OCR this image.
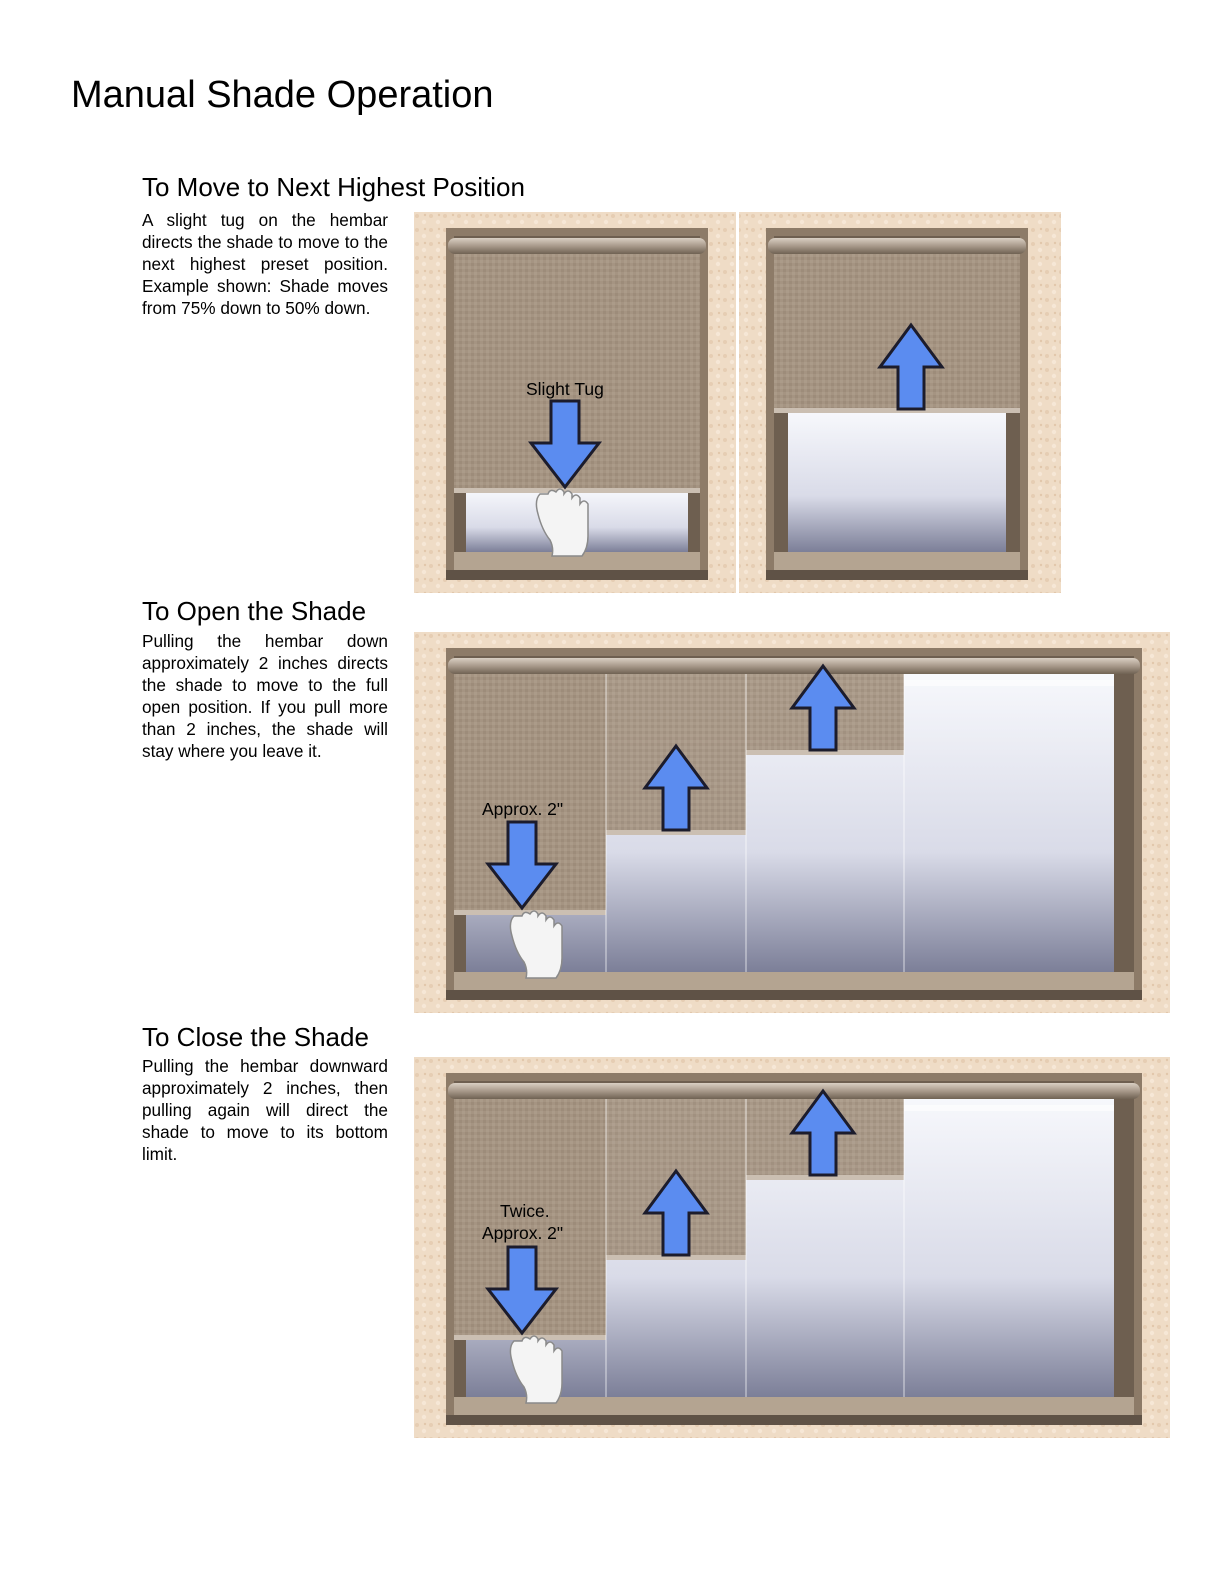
Manual Shade Operation
To Move to Next Highest Position

A slight tug on the hembar directs the shade to move to the next highest preset position. Example shown: Shade moves from 75% down to 50% down.

Slight Tug
To Open the Shade

Pulling the hembar down approximately 2 inches directs the shade to move to the full open position. If you pull more than 2 inches, the shade will stay where you leave it.

Approx. 2"
To Close the Shade

Pulling the hembar downward approximately 2 inches, then pulling again will direct the shade to move to its bottom limit.

Twice.
Approx. 2"
